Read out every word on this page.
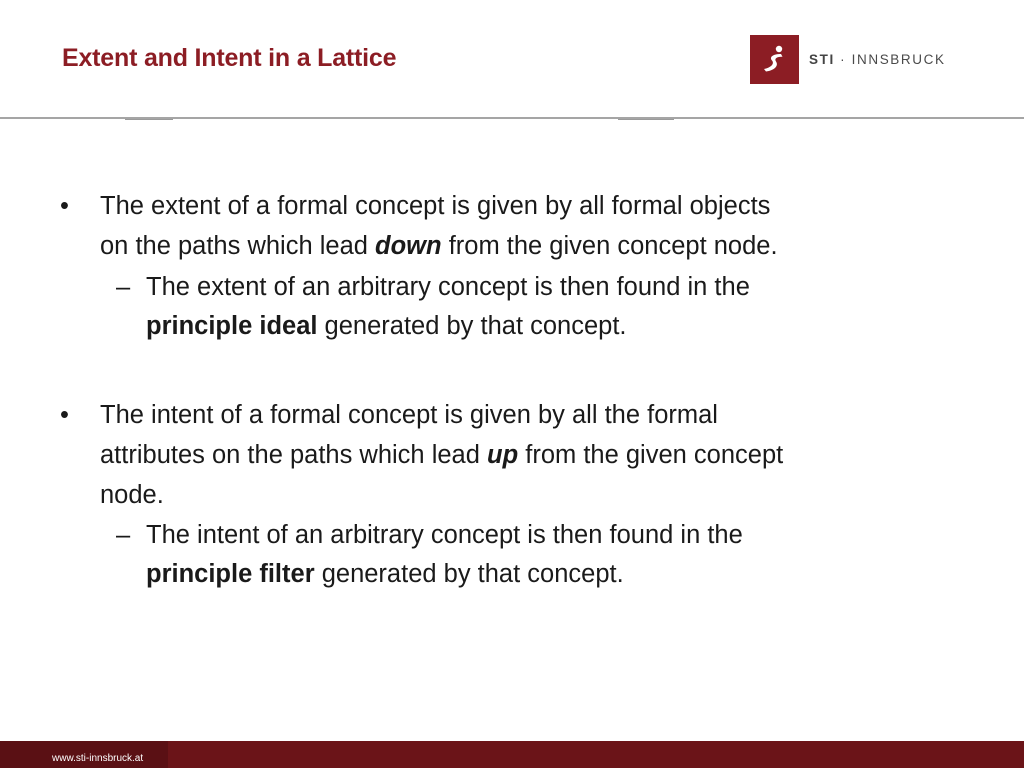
Extent and Intent in a Lattice	STI · INNSBRUCK
• The extent of a formal concept is given by all formal objects
on the paths which lead down from the given concept node.
– The extent of an arbitrary concept is then found in the
principle ideal generated by that concept.
• The intent of a formal concept is given by all the formal
attributes on the paths which lead up from the given concept
node.
– The intent of an arbitrary concept is then found in the
principle filter generated by that concept.
www.sti-innsbruck.at
